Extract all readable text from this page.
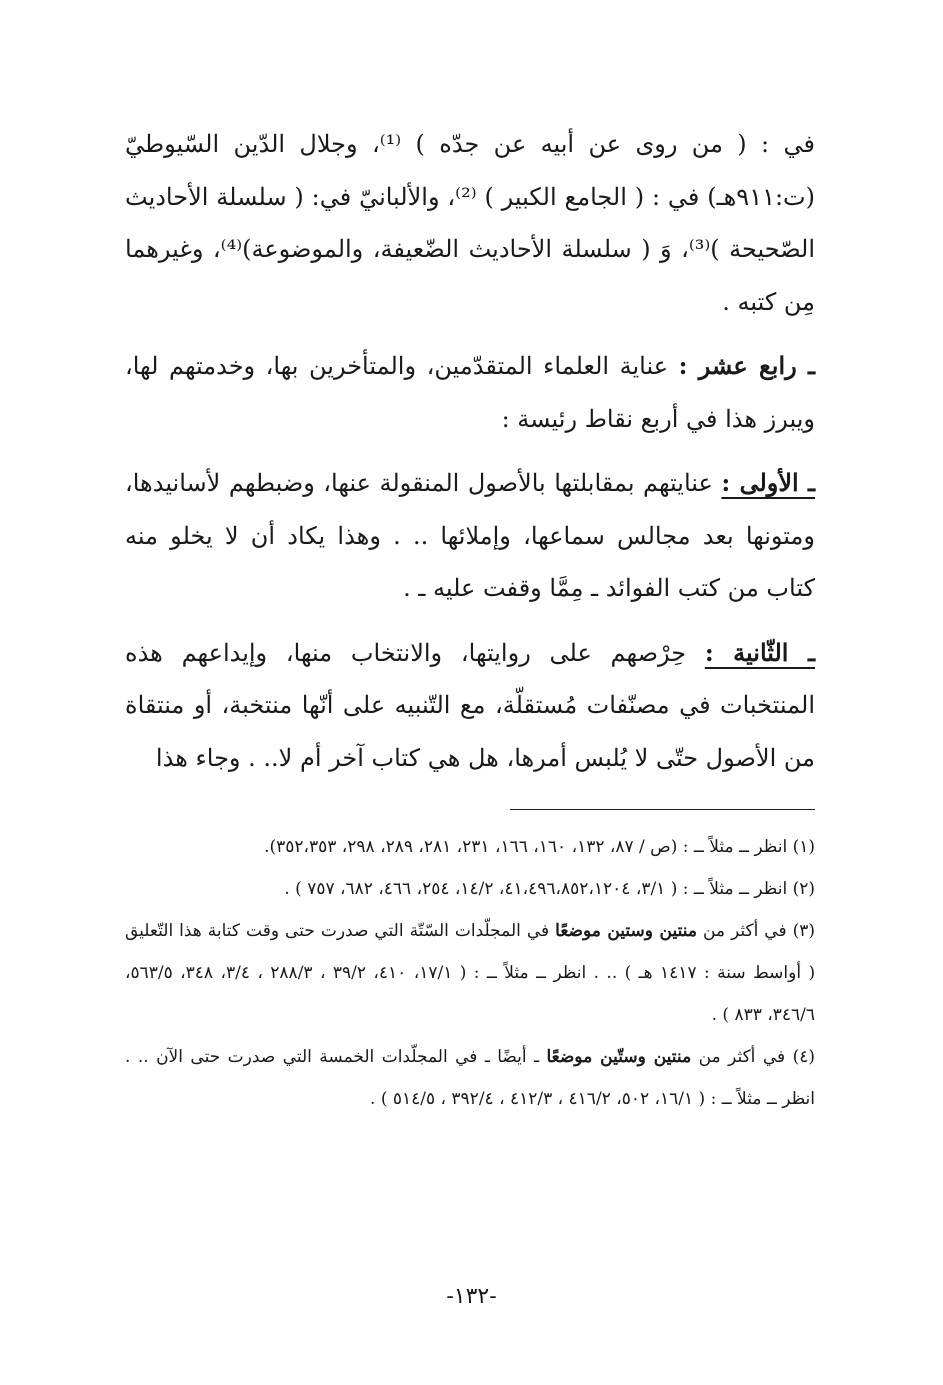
في : ( من روى عن أبيه عن جدّه ) ⁽¹⁾، وجلال الدّين السّيوطيّ (ت:٩١١هـ) في : ( الجامع الكبير ) ⁽²⁾، والألبانيّ في: ( سلسلة الأحاديث الصّحيحة )⁽³⁾، وَ ( سلسلة الأحاديث الضّعيفة، والموضوعة)⁽⁴⁾، وغيرهما مِن كتبه .

ـ رابع عشر : عناية العلماء المتقدّمين، والمتأخرين بها، وخدمتهم لها، ويبرز هذا في أربع نقاط رئيسة :

ـ الأولى : عنايتهم بمقابلتها بالأصول المنقولة عنها، وضبطهم لأسانيدها، ومتونها بعد مجالس سماعها، وإملائها .. . وهذا يكاد أن لا يخلو منه كتاب من كتب الفوائد ـ مِمَّا وقفت عليه ـ .

ـ الثّانية : حِرْصهم على روايتها، والانتخاب منها، وإيداعهم هذه المنتخبات في مصنّفات مُستقلّة، مع التّنبيه على أنّها منتخبة، أو منتقاة من الأصول حتّى لا يُلبس أمرها، هل هي كتاب آخر أم لا.. . وجاء هذا

(١) انظر ــ مثلاً ــ : (ص / ٨٧، ١٣٢، ١٦٠، ١٦٦، ٢٣١، ٢٨١، ٢٨٩، ٢٩٨، ٣٥٢،٣٥٣).

(٢) انظر ــ مثلاً ــ : ( ٣/١، ٤١،٤٩٦،٨٥٢،١٢٠٤، ١٤/٢، ٢٥٤، ٤٦٦، ٦٨٢، ٧٥٧ ) .

(٣) في أكثر من منتين وستين موضعًا في المجلّدات السّتّة التي صدرت حتى وقت كتابة هذا التّعليق ( أواسط سنة : ١٤١٧ هـ ) .. . انظر ــ مثلاً ــ : ( ١٧/١، ٤١٠، ٣٩/٢ ، ٢٨٨/٣ ، ٣/٤، ٣٤٨، ٥٦٣/٥، ٣٤٦/٦، ٨٣٣ ) .

(٤) في أكثر من منتين وستّين موضعًا ـ أيضًا ـ في المجلّدات الخمسة التي صدرت حتى الآن .. . انظر ــ مثلاً ــ : ( ١٦/١، ٥٠٢، ٤١٦/٢ ، ٤١٢/٣ ، ٣٩٢/٤ ، ٥١٤/٥ ) .

-١٣٢-
